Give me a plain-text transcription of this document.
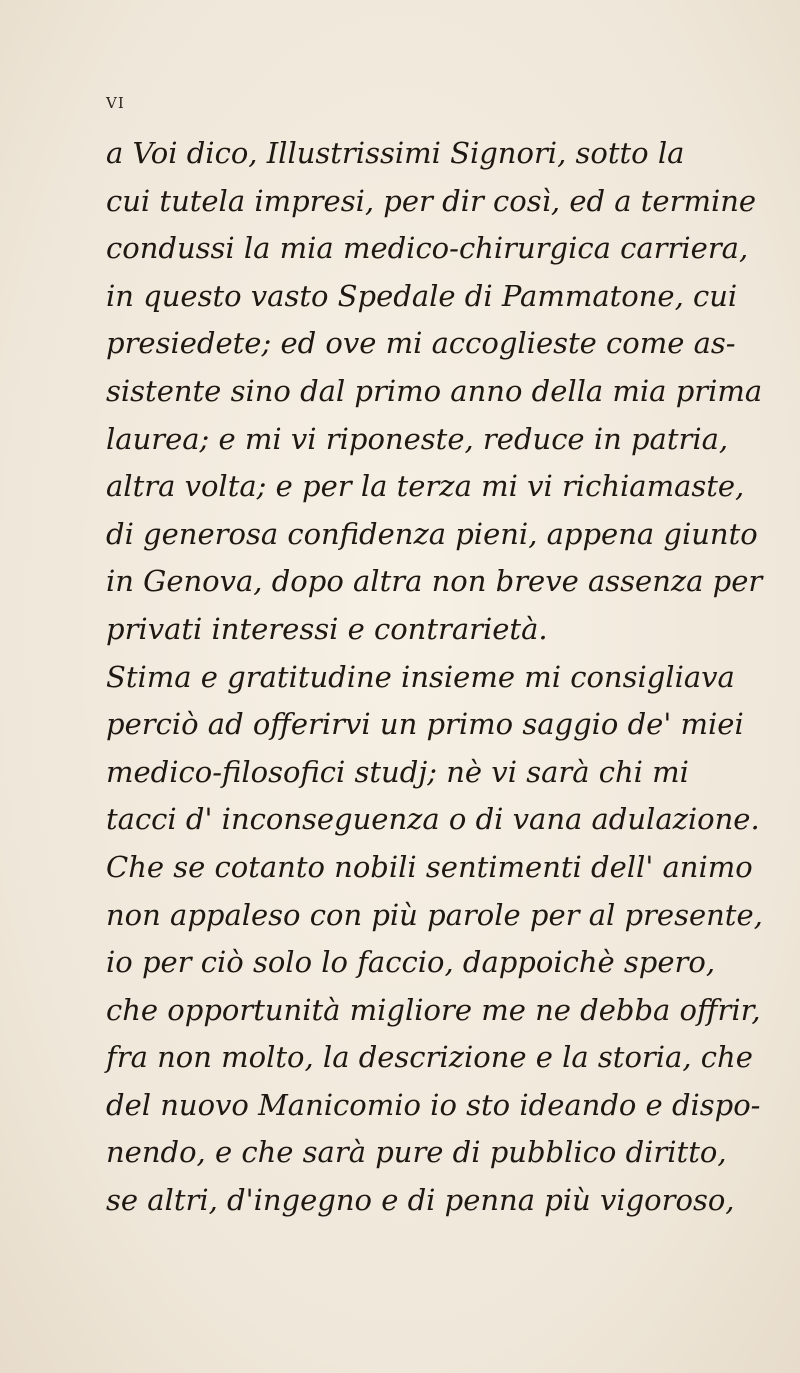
VI
a Voi dico, Illustrissimi Signori, sotto la
cui tutela impresi, per dir così, ed a termine
condussi la mia medico-chirurgica carriera,
in questo vasto Spedale di Pammatone, cui
presiedete; ed ove mi accoglieste come as-
sistente sino dal primo anno della mia prima
laurea; e mi vi riponeste, reduce in patria,
altra volta; e per la terza mi vi richiamaste,
di generosa confidenza pieni, appena giunto
in Genova, dopo altra non breve assenza per
privati interessi e contrarietà.
Stima e gratitudine insieme mi consigliava
perciò ad offerirvi un primo saggio de' miei
medico-filosofici studj; nè vi sarà chi mi
tacci d' inconseguenza o di vana adulazione.
Che se cotanto nobili sentimenti dell' animo
non appaleso con più parole per al presente,
io per ciò solo lo faccio, dappoichè spero,
che opportunità migliore me ne debba offrir,
fra non molto, la descrizione e la storia, che
del nuovo Manicomio io sto ideando e dispo-
nendo, e che sarà pure di pubblico diritto,
se altri, d'ingegno e di penna più vigoroso,
